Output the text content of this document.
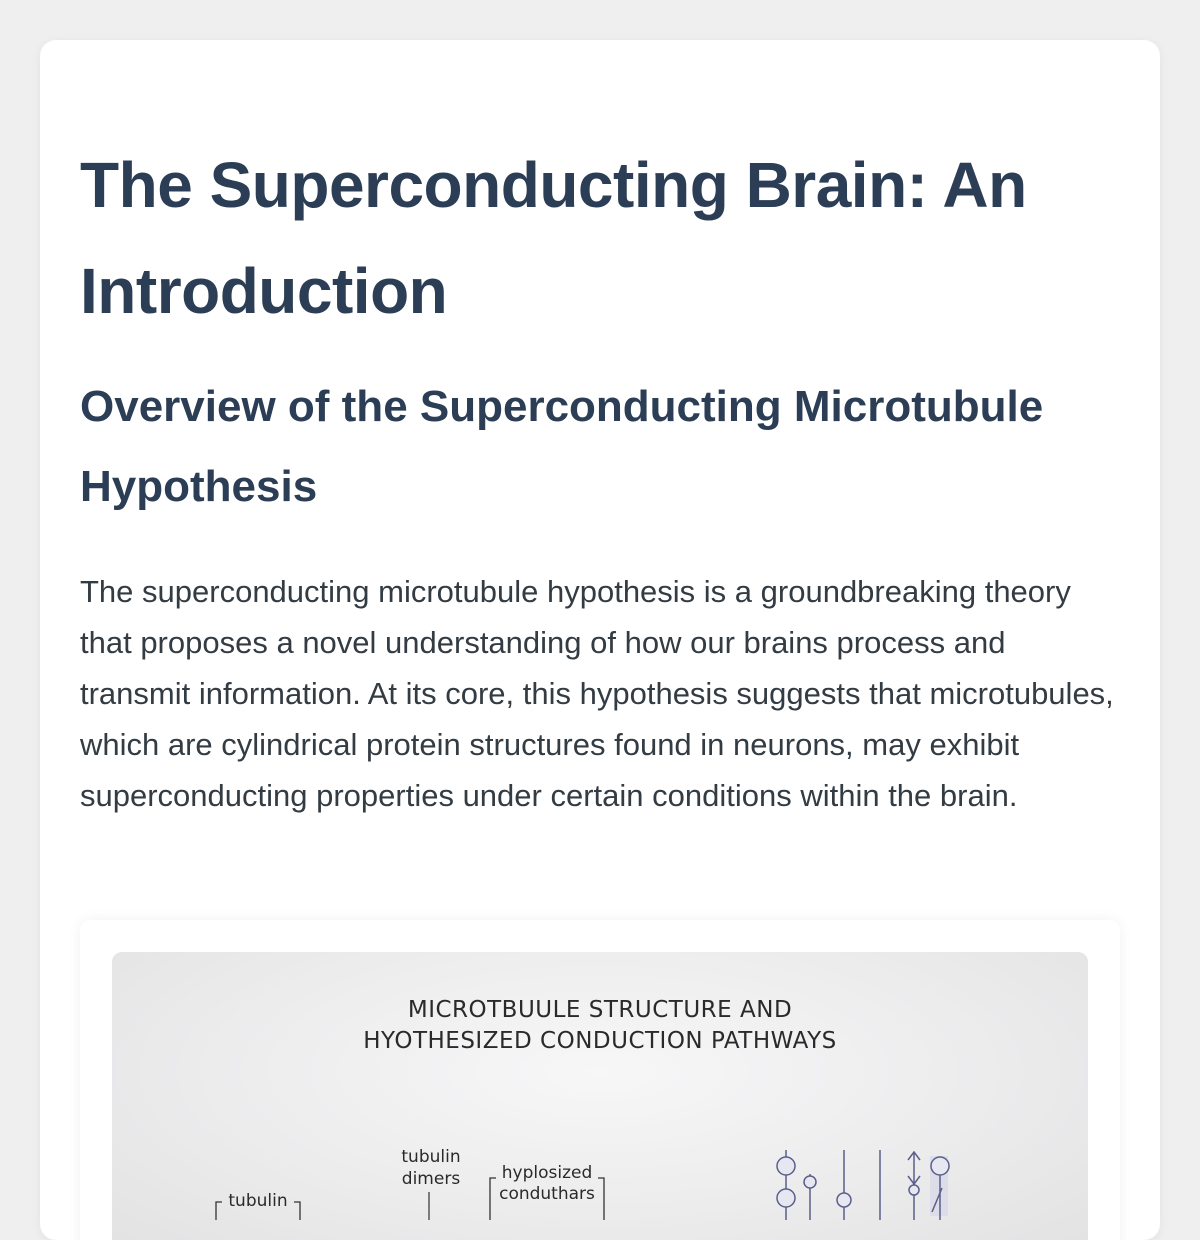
The Superconducting Brain: An Introduction
Overview of the Superconducting Microtubule Hypothesis

The superconducting microtubule hypothesis is a groundbreaking theory that proposes a novel understanding of how our brains process and transmit information. At its core, this hypothesis suggests that microtubules, which are cylindrical protein structures found in neurons, may exhibit superconducting properties under certain conditions within the brain.

MICROTBUULE STRUCTURE AND
HYOTHESIZED CONDUCTION PATHWAYS
tubulin
tubulin
dimers hyplosized
conduthars
